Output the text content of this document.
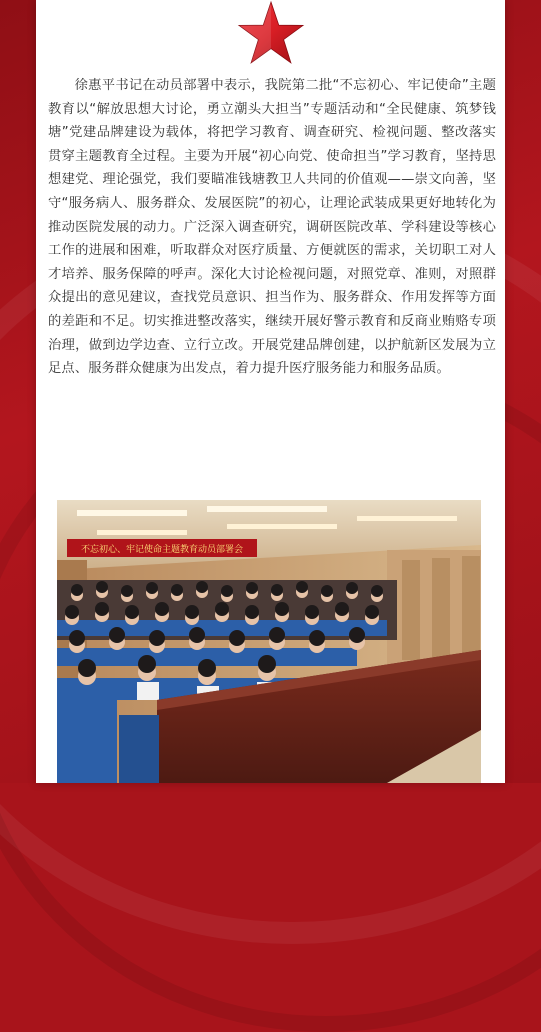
徐惠平书记在动员部署中表示，我院第二批“不忘初心、牢记使命”主题教育以“解放思想大讨论，勇立潮头大担当”专题活动和“全民健康、筑梦钱塘”党建品牌建设为载体，将把学习教育、调查研究、检视问题、整改落实贯穿主题教育全过程。主要为开展“初心向党、使命担当”学习教育，坚持思想建党、理论强党，我们要瞄准钱塘教卫人共同的价值观——崇文向善，坚守“服务病人、服务群众、发展医院”的初心，让理论武装成果更好地转化为推动医院发展的动力。广泛深入调查研究，调研医院改革、学科建设等核心工作的进展和困难，听取群众对医疗质量、方便就医的需求，关切职工对人才培养、服务保障的呼声。深化大讨论检视问题，对照党章、准则，对照群众提出的意见建议，查找党员意识、担当作为、服务群众、作用发挥等方面的差距和不足。切实推进整改落实，继续开展好警示教育和反商业贿赂专项治理，做到边学边查、立行立改。开展党建品牌创建，以护航新区发展为立足点、服务群众健康为出发点，着力提升医疗服务能力和服务品质。

不忘初心、牢记使命主题教育动员部署会
